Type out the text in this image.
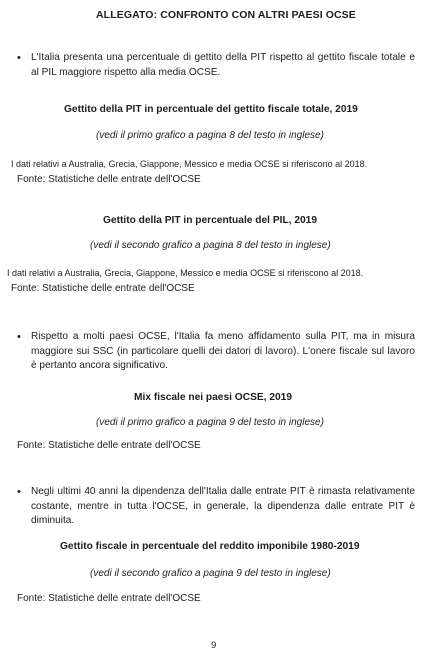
ALLEGATO: CONFRONTO CON ALTRI PAESI OCSE

•	L'Italia presenta una percentuale di gettito della PIT rispetto al gettito fiscale totale e al PIL maggiore rispetto alla media OCSE.

Gettito della PIT in percentuale del gettito fiscale totale, 2019

(vedi il primo grafico a pagina 8 del testo in inglese)

I dati relativi a Australia, Grecia, Giappone, Messico e media OCSE si riferiscono al 2018.

Fonte: Statistiche delle entrate dell'OCSE

Gettito della PIT in percentuale del PIL, 2019

(vedi il secondo grafico a pagina 8 del testo in inglese)

I dati relativi a Australia, Grecia, Giappone, Messico e media OCSE si riferiscono al 2018.

Fonte: Statistiche delle entrate dell'OCSE

•	Rispetto a molti paesi OCSE, l'Italia fa meno affidamento sulla PIT, ma in misura maggiore sui SSC (in particolare quelli dei datori di lavoro). L'onere fiscale sul lavoro è pertanto ancora significativo.

Mix fiscale nei paesi OCSE, 2019

(vedi il primo grafico a pagina 9 del testo in inglese)

Fonte: Statistiche delle entrate dell'OCSE

•	Negli ultimi 40 anni la dipendenza dell'Italia dalle entrate PIT è rimasta relativamente costante, mentre in tutta l'OCSE, in generale, la dipendenza dalle entrate PIT è diminuita.

Gettito fiscale in percentuale del reddito imponibile 1980-2019

(vedi il secondo grafico a pagina 9 del testo in inglese)

Fonte: Statistiche delle entrate dell'OCSE

9
